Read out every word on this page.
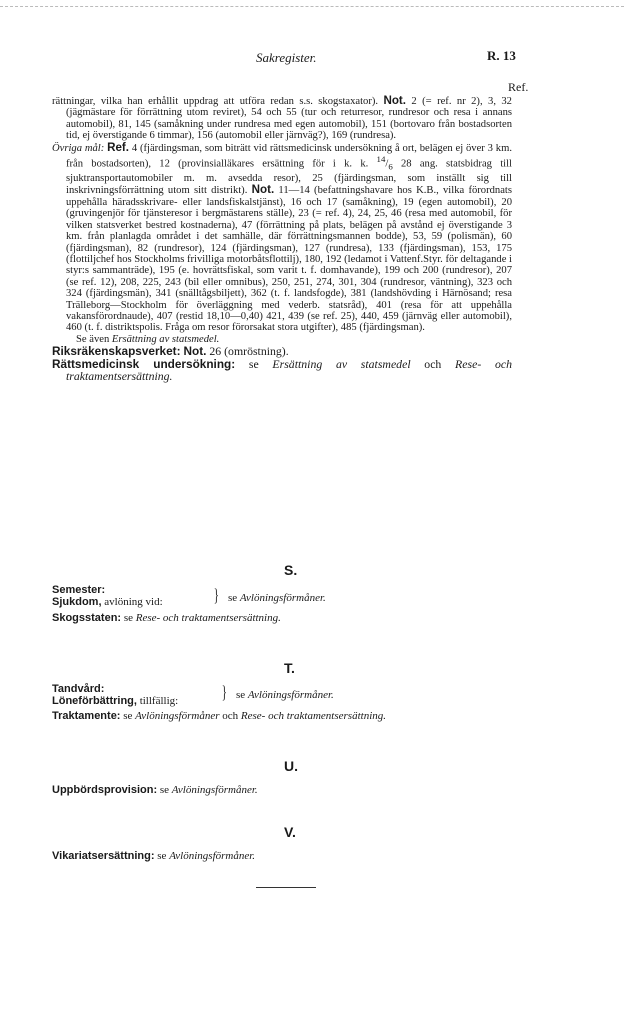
Sakregister.	R. 13
Ref.

rättningar, vilka han erhållit uppdrag att utföra redan s.s. skogstaxator). Not. 2 (= ref. nr 2), 3, 32 (jägmästare för förrättning utom reviret), 54 och 55 (tur och returresor, rundresor och resa i annans automobil), 81, 145 (samåkning under rundresa med egen automobil), 151 (bortovaro från bostadsorten tid, ej överstigande 6 timmar), 156 (automobil eller järnväg?), 169 (rundresa).

Övriga mål: Ref. 4 (fjärdingsman, som biträtt vid rättsmedicinsk undersökning å ort, belägen ej över 3 km. från bostadsorten), 12 (provinsialläkares ersättning för i k. k. $^{14}/_6$ 28 ang. statsbidrag till sjuktransportautomobiler m. m. avsedda resor), 25 (fjärdingsman, som inställt sig till inskrivningsförrättning utom sitt distrikt). Not. 11—14 (befattningshavare hos K.B., vilka förordnats uppehålla häradsskrivare- eller landsfiskalstjänst), 16 och 17 (samåkning), 19 (egen automobil), 20 (gruvingenjör för tjänsteresor i bergmästarens ställe), 23 (= ref. 4), 24, 25, 46 (resa med automobil, för vilken statsverket bestred kostnaderna), 47 (förrättning på plats, belägen på avstånd ej överstigande 3 km. från planlagda området i det samhälle, där förrättningsmannen bodde), 53, 59 (polismän), 60 (fjärdingsman), 82 (rundresor), 124 (fjärdingsman), 127 (rundresa), 133 (fjärdingsman), 153, 175 (flottiljchef hos Stockholms frivilliga motorbåtsflottilj), 180, 192 (ledamot i Vattenf.Styr. för deltagande i styr:s sammanträde), 195 (e. hovrättsfiskal, som varit t. f. domhavande), 199 och 200 (rundresor), 207 (se ref. 12), 208, 225, 243 (bil eller omnibus), 250, 251, 274, 301, 304 (rundresor, väntning), 323 och 324 (fjärdingsmän), 341 (snälltågsbiljett), 362 (t. f. landsfogde), 381 (landshövding i Härnösand; resa Trälleborg—Stockholm för överläggning med vederb. statsråd), 401 (resa för att uppehålla vakansförordnaude), 407 (restid 18,10—0,40) 421, 439 (se ref. 25), 440, 459 (järnväg eller automobil), 460 (t. f. distriktspolis. Fråga om resor förorsakat stora utgifter), 485 (fjärdingsman).

Se även Ersättning av statsmedel.

Riksräkenskapsverket: Not. 26 (omröstning).

Rättsmedicinsk undersökning: se Ersättning av statsmedel och Rese- och traktamentsersättning.

S.
Semester:
Sjukdom, avlöning vid:	} se Avlöningsförmåner.
Skogsstaten: se Rese- och traktamentsersättning.
T.
Tandvård:
Löneförbättring, tillfällig: } se Avlöningsförmåner.
Traktamente: se Avlöningsförmåner och Rese- och traktamentsersättning.
U.
Uppbördsprovision: se Avlöningsförmåner.
V.
Vikariatsersättning: se Avlöningsförmåner.
